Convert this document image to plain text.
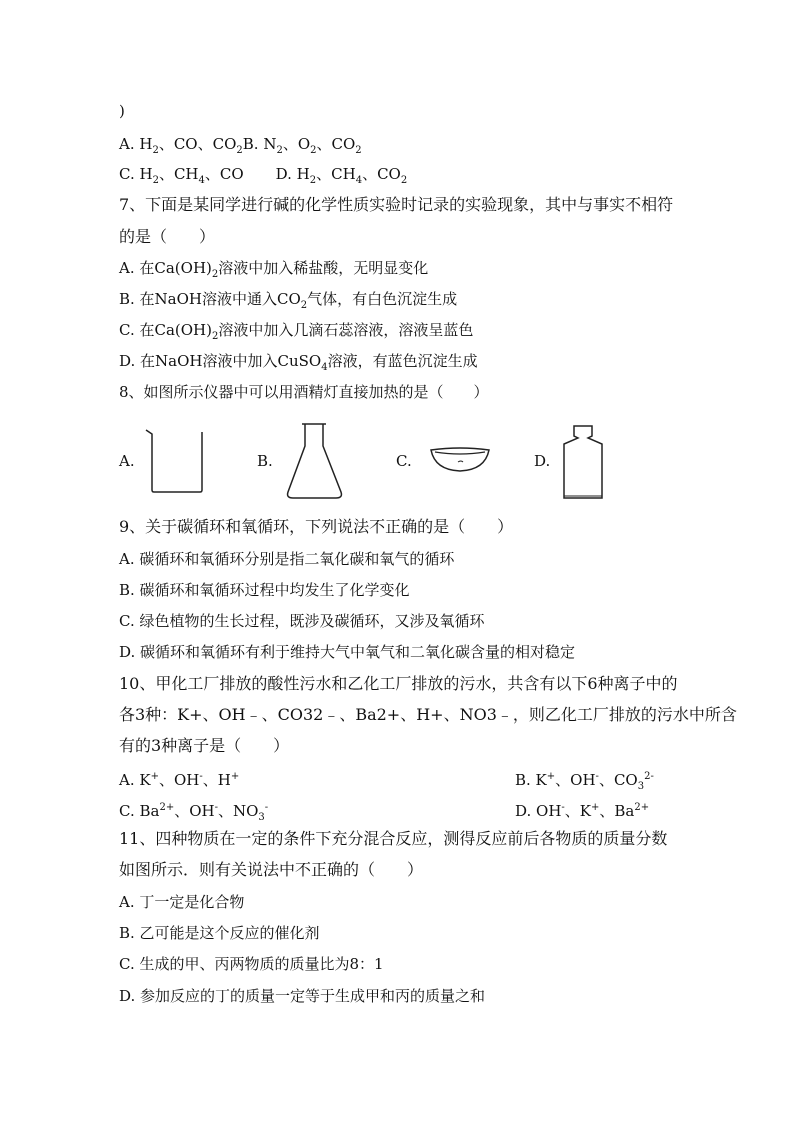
)
A. $H_2$、CO、$CO_2B$. $N_2$、$O_2$、$CO_2$
C. $H_2$、$CH_4$、CO D. $H_2$、$CH_4$、$CO_2$
7、下面是某同学进行碱的化学性质实验时记录的实验现象，其中与事实不相符
的是（　　）
A. 在$Ca(OH)_2$溶液中加入稀盐酸，无明显变化
B. 在NaOH溶液中通入$CO_2$气体，有白色沉淀生成
C. 在$Ca(OH)_2$溶液中加入几滴石蕊溶液，溶液呈蓝色
D. 在NaOH溶液中加入CuSO$_4$溶液，有蓝色沉淀生成
8、如图所示仪器中可以用酒精灯直接加热的是（　　）
A.	B.	C.	D.
9、关于碳循环和氧循环，下列说法不正确的是（　　）
A. 碳循环和氧循环分别是指二氧化碳和氧气的循环
B. 碳循环和氧循环过程中均发生了化学变化
C. 绿色植物的生长过程，既涉及碳循环，又涉及氧循环
D. 碳循环和氧循环有利于维持大气中氧气和二氧化碳含量的相对稳定
10、甲化工厂排放的酸性污水和乙化工厂排放的污水，共含有以下6种离子中的
各3种：K+、OH﹣、CO32﹣、Ba2+、H+、NO3﹣，则乙化工厂排放的污水中所含
有的3种离子是（　　）
A. K+、OH-、H+	B. K+、OH-、$CO_3^{2-}$
C. $Ba^{2+}$、OH-、$NO_3^-$	D. OH-、K+、$Ba^{2+}$
11、四种物质在一定的条件下充分混合反应，测得反应前后各物质的质量分数
如图所示．则有关说法中不正确的（　　）
A. 丁一定是化合物
B. 乙可能是这个反应的催化剂
C. 生成的甲、丙两物质的质量比为8：1
D. 参加反应的丁的质量一定等于生成甲和丙的质量之和
